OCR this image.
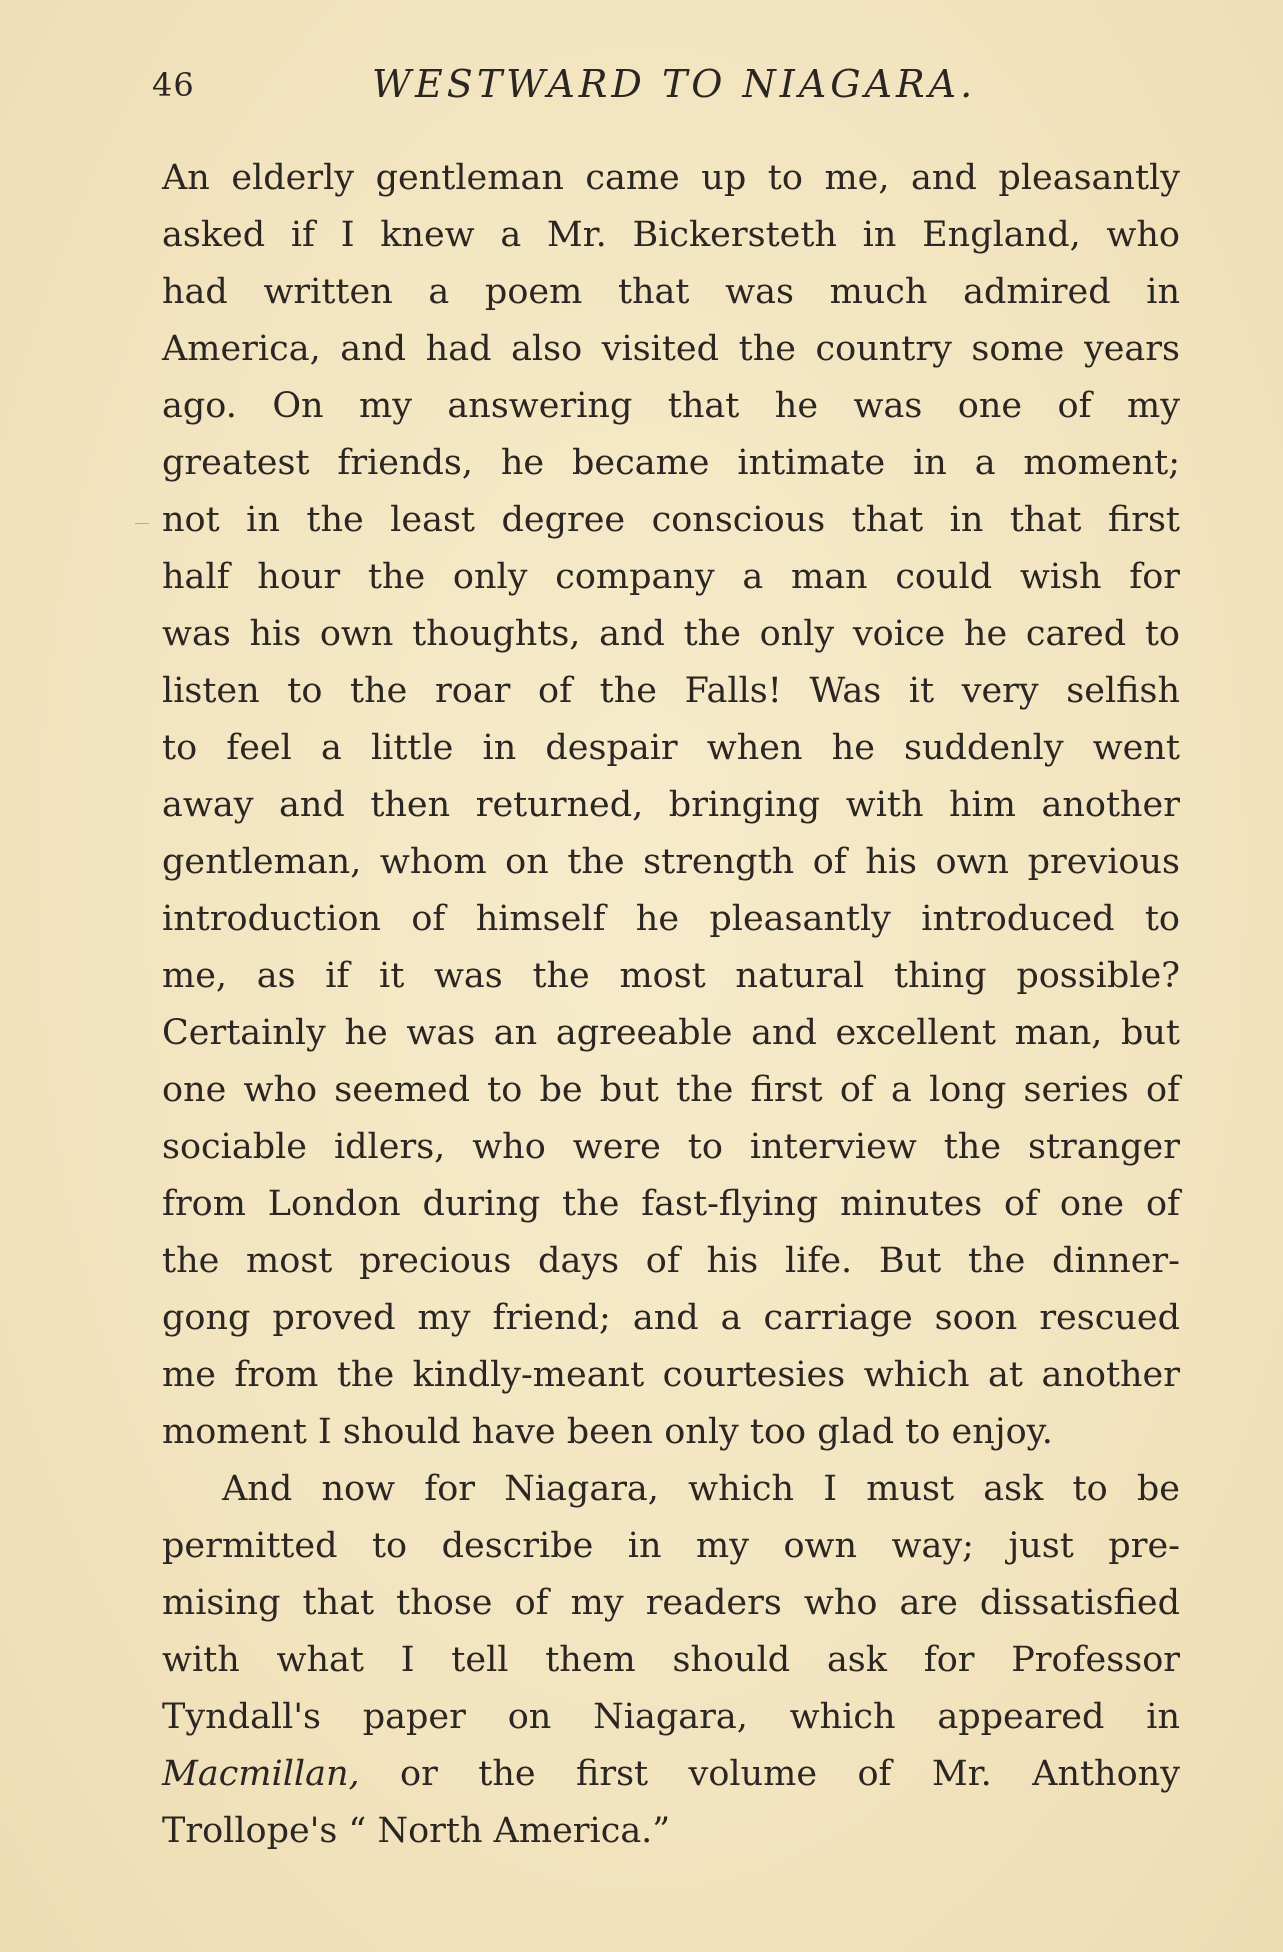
46	WESTWARD TO NIAGARA.
An elderly gentleman came up to me, and pleasantly
asked if I knew a Mr. Bickersteth in England, who
had written a poem that was much admired in
America, and had also visited the country some years
ago. On my answering that he was one of my
greatest friends, he became intimate in a moment;
not in the least degree conscious that in that first
half hour the only company a man could wish for
was his own thoughts, and the only voice he cared to
listen to the roar of the Falls! Was it very selfish
to feel a little in despair when he suddenly went
away and then returned, bringing with him another
gentleman, whom on the strength of his own previous
introduction of himself he pleasantly introduced to
me, as if it was the most natural thing possible?
Certainly he was an agreeable and excellent man, but
one who seemed to be but the first of a long series of
sociable idlers, who were to interview the stranger
from London during the fast-flying minutes of one of
the most precious days of his life. But the dinner-
gong proved my friend; and a carriage soon rescued
me from the kindly-meant courtesies which at another
moment I should have been only too glad to enjoy.
And now for Niagara, which I must ask to be
permitted to describe in my own way; just pre-
mising that those of my readers who are dissatisfied
with what I tell them should ask for Professor
Tyndall's paper on Niagara, which appeared in
Macmillan, or the first volume of Mr. Anthony
Trollope's “ North America.”
